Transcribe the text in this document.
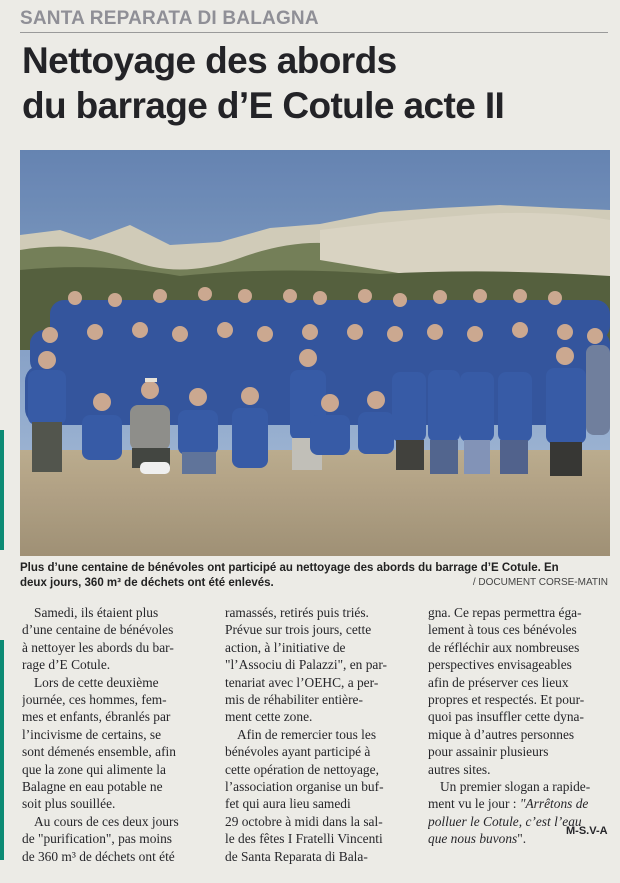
SANTA REPARATA DI BALAGNA
Nettoyage des abords
du barrage d’E Cotule acte II
Plus d’une centaine de bénévoles ont participé au nettoyage des abords du barrage d’E Cotule. En
deux jours, 360 m³ de déchets ont été enlevés.	/ DOCUMENT CORSE-MATIN
Samedi, ils étaient plus
d’une centaine de bénévoles
à nettoyer les abords du bar-
rage d’E Cotule.
Lors de cette deuxième
journée, ces hommes, fem-
mes et enfants, ébranlés par
l’incivisme de certains, se
sont démenés ensemble, afin
que la zone qui alimente la
Balagne en eau potable ne
soit plus souillée.
Au cours de ces deux jours
de "purification", pas moins
de 360 m³ de déchets ont été
ramassés, retirés puis triés.
Prévue sur trois jours, cette
action, à l’initiative de
"l’Associu di Palazzi", en par-
tenariat avec l’OEHC, a per-
mis de réhabiliter entière-
ment cette zone.
Afin de remercier tous les
bénévoles ayant participé à
cette opération de nettoyage,
l’association organise un buf-
fet qui aura lieu samedi
29 octobre à midi dans la sal-
le des fêtes I Fratelli Vincenti
de Santa Reparata di Bala-
gna. Ce repas permettra éga-
lement à tous ces bénévoles
de réfléchir aux nombreuses
perspectives envisageables
afin de préserver ces lieux
propres et respectés. Et pour-
quoi pas insuffler cette dyna-
mique à d’autres personnes
pour assainir plusieurs
autres sites.
Un premier slogan a rapide-
ment vu le jour : "Arrêtons de
polluer le Cotule, c’est l’eau
que nous buvons".
M-S.V-A
